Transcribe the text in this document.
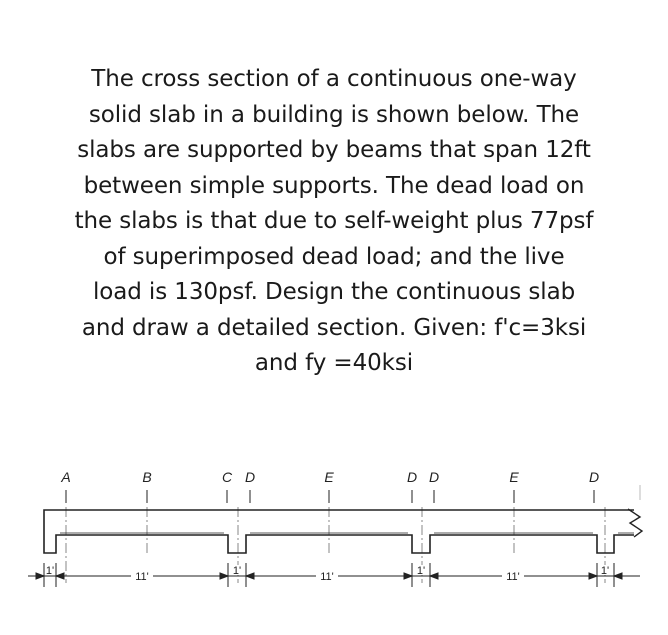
The cross section of a continuous one-way
solid slab in a building is shown below. The
slabs are supported by beams that span 12ft
between simple supports. The dead load on
the slabs is that due to self-weight plus 77psf
of superimposed dead load; and the live
load is 130psf. Design the continuous slab
and draw a detailed section. Given: f'c=3ksi
and fy =40ksi
A	B	C D	E	D D	E	D
1'	11'	1'	11'	1'	11'	1'
